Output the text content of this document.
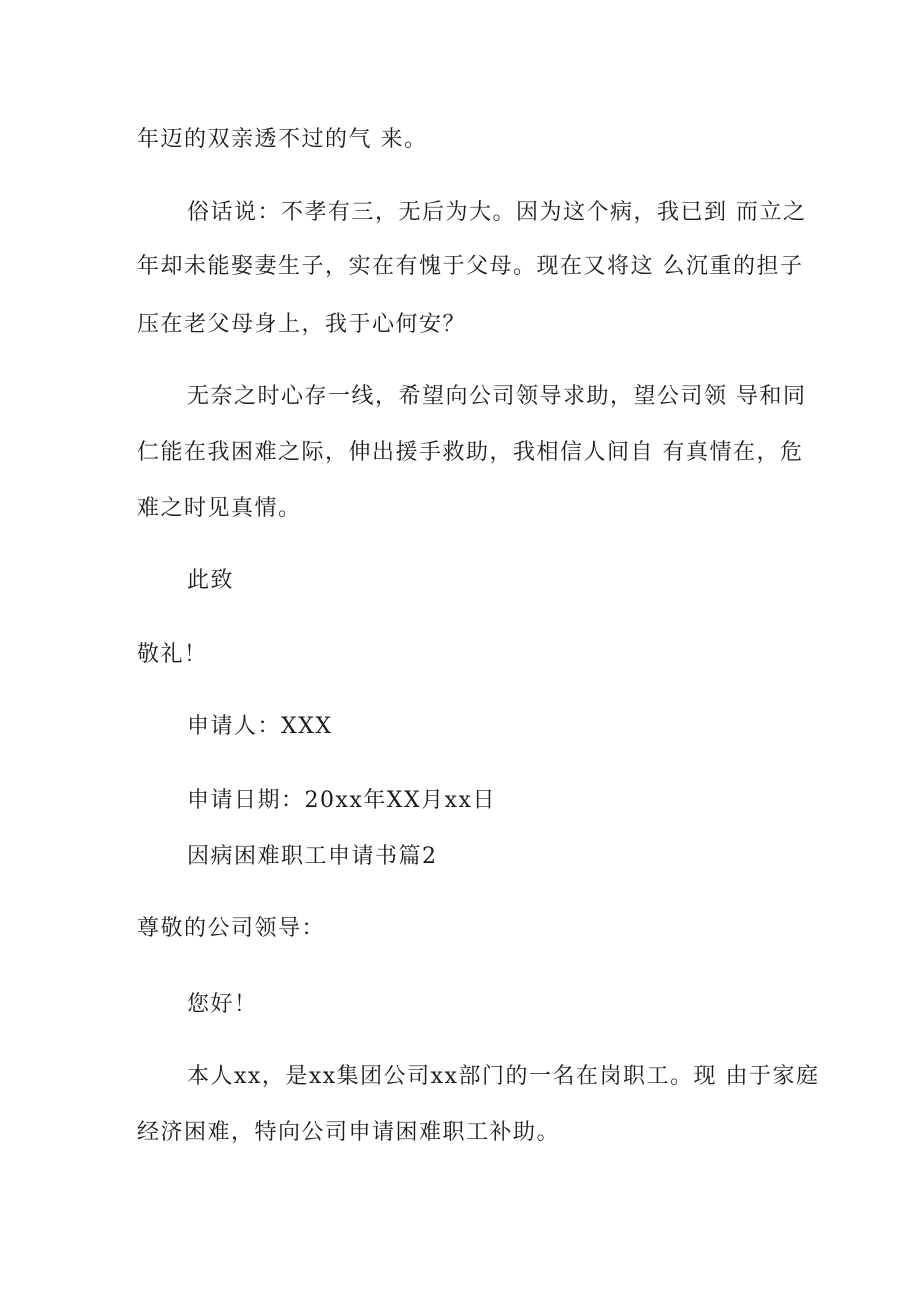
年迈的双亲透不过的气 来。
俗话说：不孝有三，无后为大。因为这个病，我已到 而立之
年却未能娶妻生子，实在有愧于父母。现在又将这 么沉重的担子
压在老父母身上，我于心何安？
无奈之时心存一线，希望向公司领导求助，望公司领 导和同
仁能在我困难之际，伸出援手救助，我相信人间自 有真情在，危
难之时见真情。
此致
敬礼！
申请人：XXX
申请日期：20xx年XX月xx日
因病困难职工申请书篇2
尊敬的公司领导：
您好！
本人xx，是xx集团公司xx部门的一名在岗职工。现 由于家庭
经济困难，特向公司申请困难职工补助。
